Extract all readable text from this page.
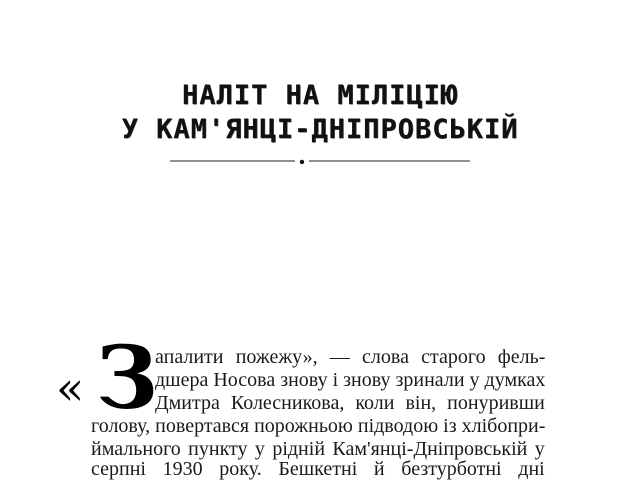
НАЛІТ НА МІЛІЦІЮ
У КАМ'ЯНЦІ-ДНІПРОВСЬКІЙ
« З
апалити пожежу», — слова старого фель-
дшера Носова знову і знову зринали у думках
Дмитра Колесникова, коли він, понуривши
голову, повертався порожньою підводою із хлібопри-
ймального пункту у рідній Кам'янці-Дніпровській у
серпні 1930 року. Бешкетні й безтурботні дні
